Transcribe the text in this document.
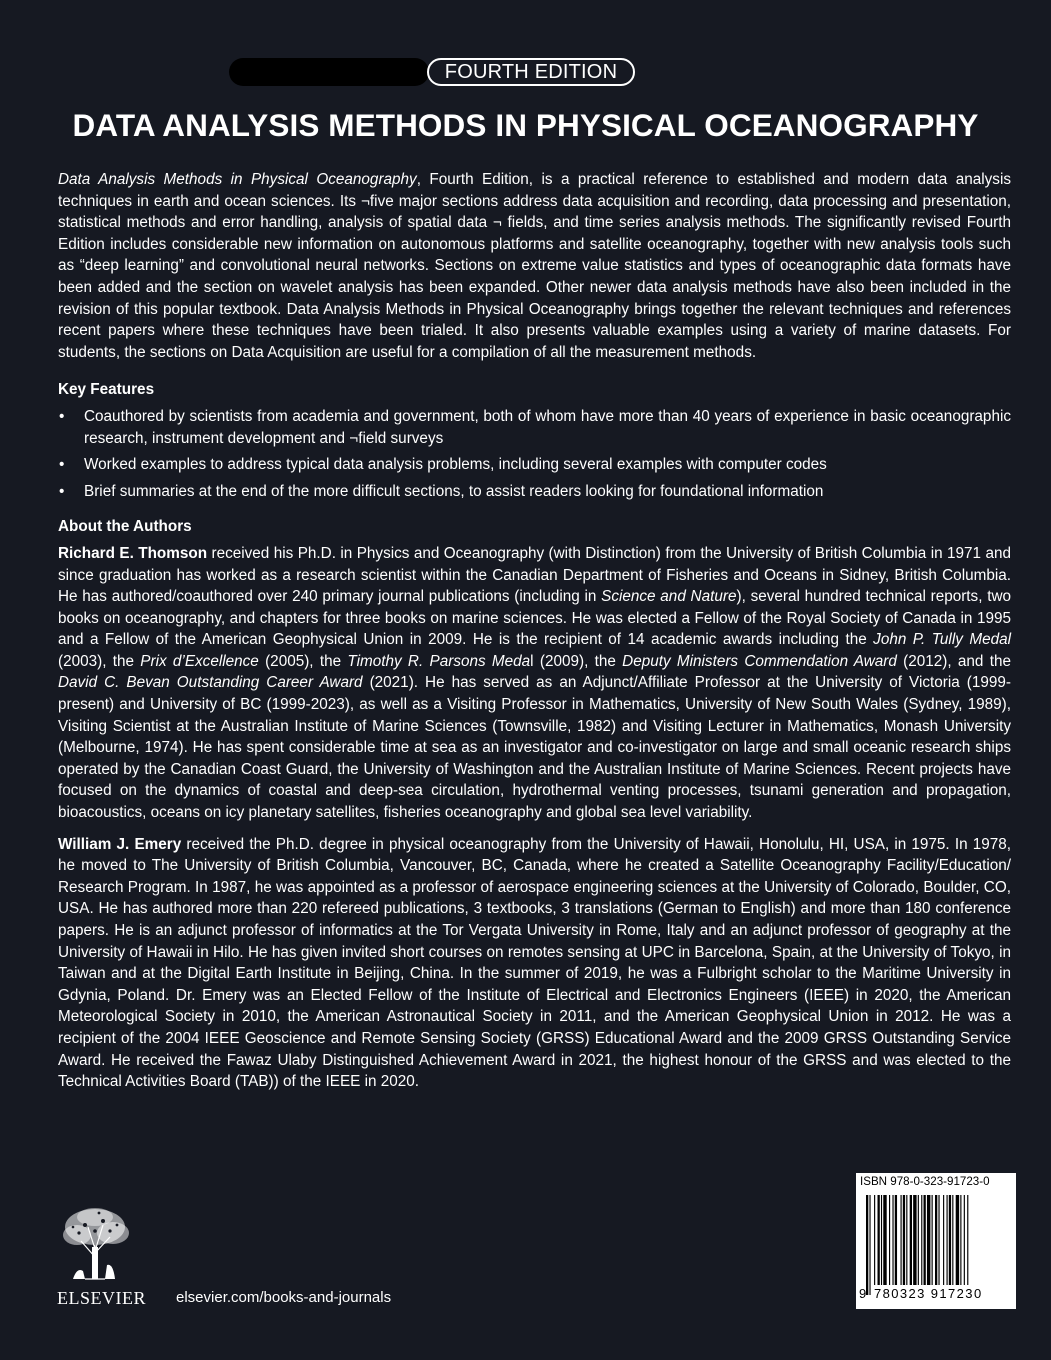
FOURTH EDITION
DATA ANALYSIS METHODS IN PHYSICAL OCEANOGRAPHY

Data Analysis Methods in Physical Oceanography, Fourth Edition, is a practical reference to established and modern data analysis techniques in earth and ocean sciences. Its ¬five major sections address data acquisition and recording, data processing and presentation, statistical methods and error handling, analysis of spatial data ¬ fields, and time series analysis methods. The significantly revised Fourth Edition includes considerable new information on autonomous platforms and satellite oceanography, together with new analysis tools such as “deep learning” and convolutional neural networks. Sections on extreme value statistics and types of oceanographic data formats have been added and the section on wavelet analysis has been expanded. Other newer data analysis methods have also been included in the revision of this popular textbook. Data Analysis Methods in Physical Oceanography brings together the relevant techniques and references recent papers where these techniques have been trialed. It also presents valuable examples using a variety of marine datasets. For students, the sections on Data Acquisition are useful for a compilation of all the measurement methods.

Key Features
• Coauthored by scientists from academia and government, both of whom have more than 40 years of experience in basic oceanographic research, instrument development and ¬field surveys
• Worked examples to address typical data analysis problems, including several examples with computer codes
• Brief summaries at the end of the more difficult sections, to assist readers looking for foundational information
About the Authors

Richard E. Thomson received his Ph.D. in Physics and Oceanography (with Distinction) from the University of British Columbia in 1971 and since graduation has worked as a research scientist within the Canadian Department of Fisheries and Oceans in Sidney, British Columbia. He has authored/coauthored over 240 primary journal publications (including in Science and Nature), several hundred technical reports, two books on oceanography, and chapters for three books on marine sciences. He was elected a Fellow of the Royal Society of Canada in 1995 and a Fellow of the American Geophysical Union in 2009. He is the recipient of 14 academic awards including the John P. Tully Medal (2003), the Prix d’Excellence (2005), the Timothy R. Parsons Medal (2009), the Deputy Ministers Commendation Award (2012), and the David C. Bevan Outstanding Career Award (2021). He has served as an Adjunct/Affiliate Professor at the University of Victoria (1999-present) and University of BC (1999-2023), as well as a Visiting Professor in Mathematics, University of New South Wales (Sydney, 1989), Visiting Scientist at the Australian Institute of Marine Sciences (Townsville, 1982) and Visiting Lecturer in Mathematics, Monash University (Melbourne, 1974). He has spent considerable time at sea as an investigator and co-investigator on large and small oceanic research ships operated by the Canadian Coast Guard, the University of Washington and the Australian Institute of Marine Sciences. Recent projects have focused on the dynamics of coastal and deep-sea circulation, hydrothermal venting processes, tsunami generation and propagation, bioacoustics, oceans on icy planetary satellites, fisheries oceanography and global sea level variability.

William J. Emery received the Ph.D. degree in physical oceanography from the University of Hawaii, Honolulu, HI, USA, in 1975. In 1978, he moved to The University of British Columbia, Vancouver, BC, Canada, where he created a Satellite Oceanography Facility/Education/ Research Program. In 1987, he was appointed as a professor of aerospace engineering sciences at the University of Colorado, Boulder, CO, USA. He has authored more than 220 refereed publications, 3 textbooks, 3 translations (German to English) and more than 180 conference papers. He is an adjunct professor of informatics at the Tor Vergata University in Rome, Italy and an adjunct professor of geography at the University of Hawaii in Hilo. He has given invited short courses on remotes sensing at UPC in Barcelona, Spain, at the University of Tokyo, in Taiwan and at the Digital Earth Institute in Beijing, China. In the summer of 2019, he was a Fulbright scholar to the Maritime University in Gdynia, Poland. Dr. Emery was an Elected Fellow of the Institute of Electrical and Electronics Engineers (IEEE) in 2020, the American Meteorological Society in 2010, the American Astronautical Society in 2011, and the American Geophysical Union in 2012. He was a recipient of the 2004 IEEE Geoscience and Remote Sensing Society (GRSS) Educational Award and the 2009 GRSS Outstanding Service Award. He received the Fawaz Ulaby Distinguished Achievement Award in 2021, the highest honour of the GRSS and was elected to the Technical Activities Board (TAB)) of the IEEE in 2020.

ELSEVIER elsevier.com/books-and-journals
ISBN 978-0-323-91723-0
9 780323 917230
